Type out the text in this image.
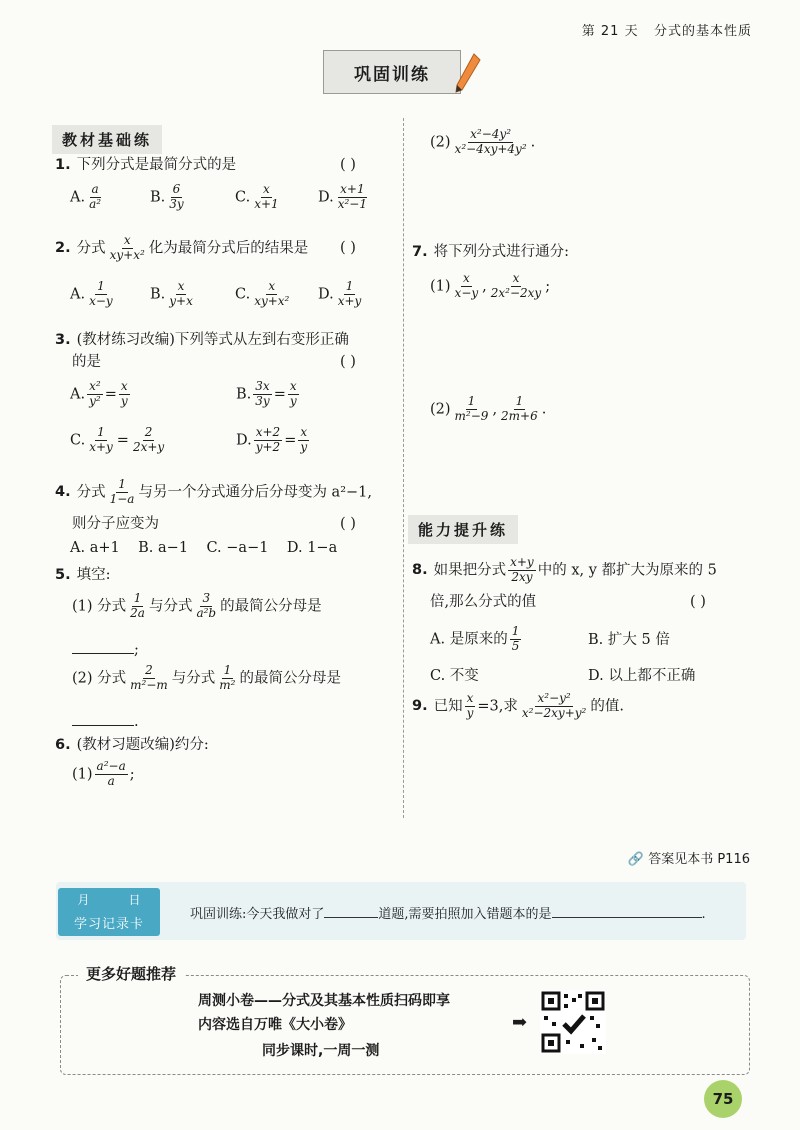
第 21 天 分式的基本性质
巩固训练
教材基础练
1. 下列分式是最简分式的是	( )
A. $\frac{a}{\text{a²}}$	B. $\frac{6}{3y}$	C. $\frac{x}{x+1}$	D. $\frac{x+1}{\text{x²−1}}$
2. 分式 $\frac{x}{\text{xy+x²}}$ 化为最简分式后的结果是 ( )
A. $\frac{1}{x-y} B$. $\frac{x}{y+x}$	C. $\frac{x}{\text{xy+x²}} D$. $\frac{1}{x+y}$
3. (教材练习改编)下列等式从左到右变形正确
的是	( )
A. $\frac{\text{x²}}{\text{y²}} = \frac{x}{y}$	B. $\frac{3x}{3y} = \frac{x}{y}$
C. $\frac{1}{x+y} = \frac{2}{2x+y}$	D. $\frac{x+2}{y+2} = \frac{x}{y}$
4. 分式 $\frac{1}{1-a}$ 与另一个分式通分后分母变为 a²−1,
则分子应变为	( )
A. a+1    B. a−1    C. −a−1    D. 1−a
5. 填空:
(1) 分式 $\frac{1}{2a}$ 与分式 $\frac{3}{\text{a²b}}$ 的最简公分母是
;
(2) 分式 $\frac{2}{\text{m²−m}}$ 与分式 $\frac{1}{\text{m²}}$ 的最简公分母是
.
6. (教材习题改编)约分:
$(1) \frac{\text{a²−a}}{a}$ ;
$(2) \frac{\text{x²−4y²}}{\text{x²−4xy+4y²}}$ .
7. 将下列分式进行通分:
$(1) \frac{x}{x-y}$ , $\frac{x}{\text{2x²−2xy}}$ ;
$(2) \frac{1}{\text{m²−9}}$ , $\frac{1}{2m+6}$ .
能力提升练
8. 如果把分式 $\frac{x+y}{2xy}$ 中的 x, y 都扩大为原来的 5
倍,那么分式的值	( )
A. 是原来的 $\frac{1}{5}$	B. 扩大 5 倍
C. 不变	D. 以上都不正确
9. 已知 $\frac{x}{y} =3$,求 $\frac{\text{x²−y²}}{\text{x²−2xy+y²}}$ 的值.
🔗 答案见本书 P116
月	日
学习记录卡
巩固训练:今天我做对了	道题,需要拍照加入错题本的是	.
更多好题推荐
周测小卷——分式及其基本性质扫码即享
内容选自万唯《大小卷》
同步课时,一周一测
➡
75
